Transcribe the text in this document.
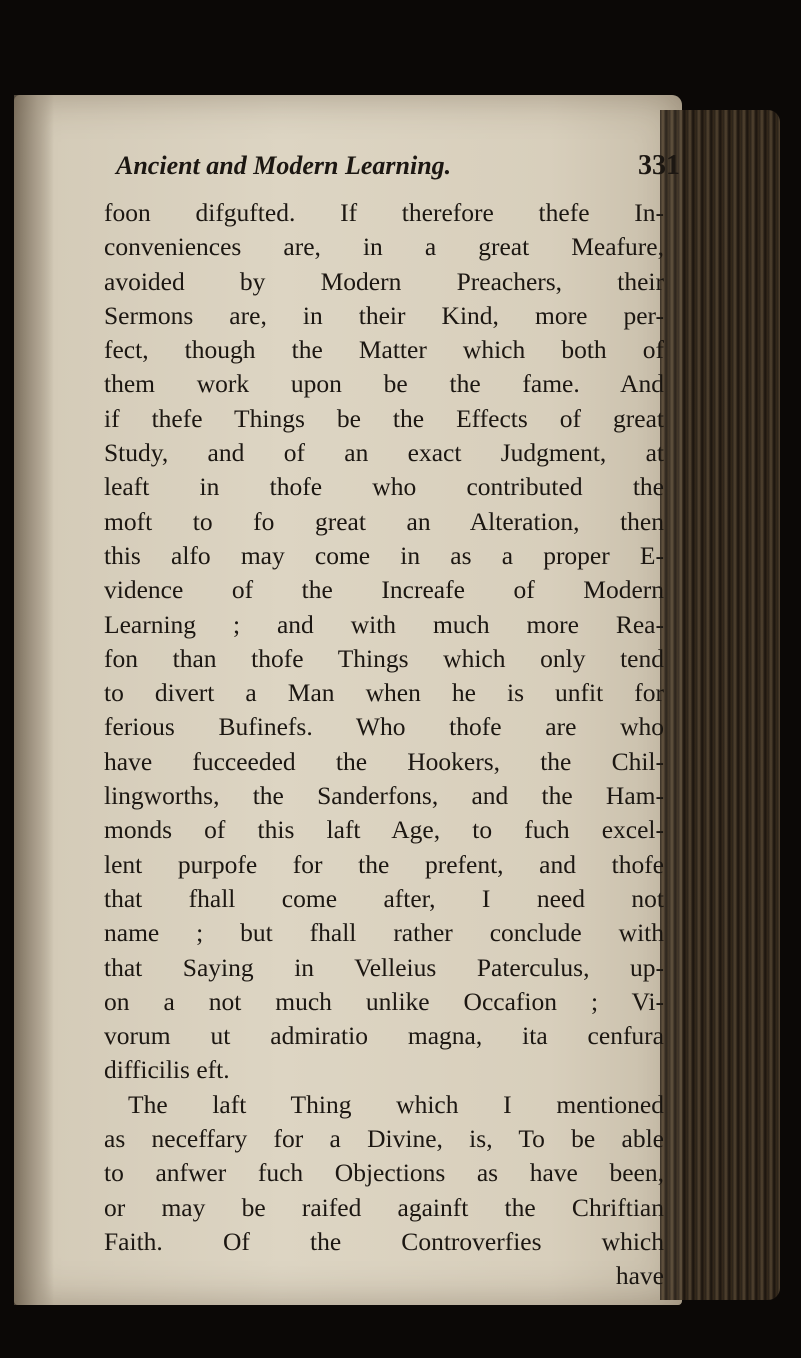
Ancient and Modern Learning.	331
foon difgufted. If therefore thefe In-
conveniences are, in a great Meafure,
avoided by Modern Preachers, their
Sermons are, in their Kind, more per-
fect, though the Matter which both of
them work upon be the fame. And
if thefe Things be the Effects of great
Study, and of an exact Judgment, at
leaft in thofe who contributed the
moft to fo great an Alteration, then
this alfo may come in as a proper E-
vidence of the Increafe of Modern
Learning ; and with much more Rea-
fon than thofe Things which only tend
to divert a Man when he is unfit for
ferious Bufinefs. Who thofe are who
have fucceeded the Hookers, the Chil-
lingworths, the Sanderfons, and the Ham-
monds of this laft Age, to fuch excel-
lent purpofe for the prefent, and thofe
that fhall come after, I need not
name ; but fhall rather conclude with
that Saying in Velleius Paterculus, up-
on a not much unlike Occafion ; Vi-
vorum ut admiratio magna, ita cenfura
difficilis eft.
The laft Thing which I mentioned
as neceffary for a Divine, is, To be able
to anfwer fuch Objections as have been,
or may be raifed againft the Chriftian
Faith. Of the Controverfies which
have
